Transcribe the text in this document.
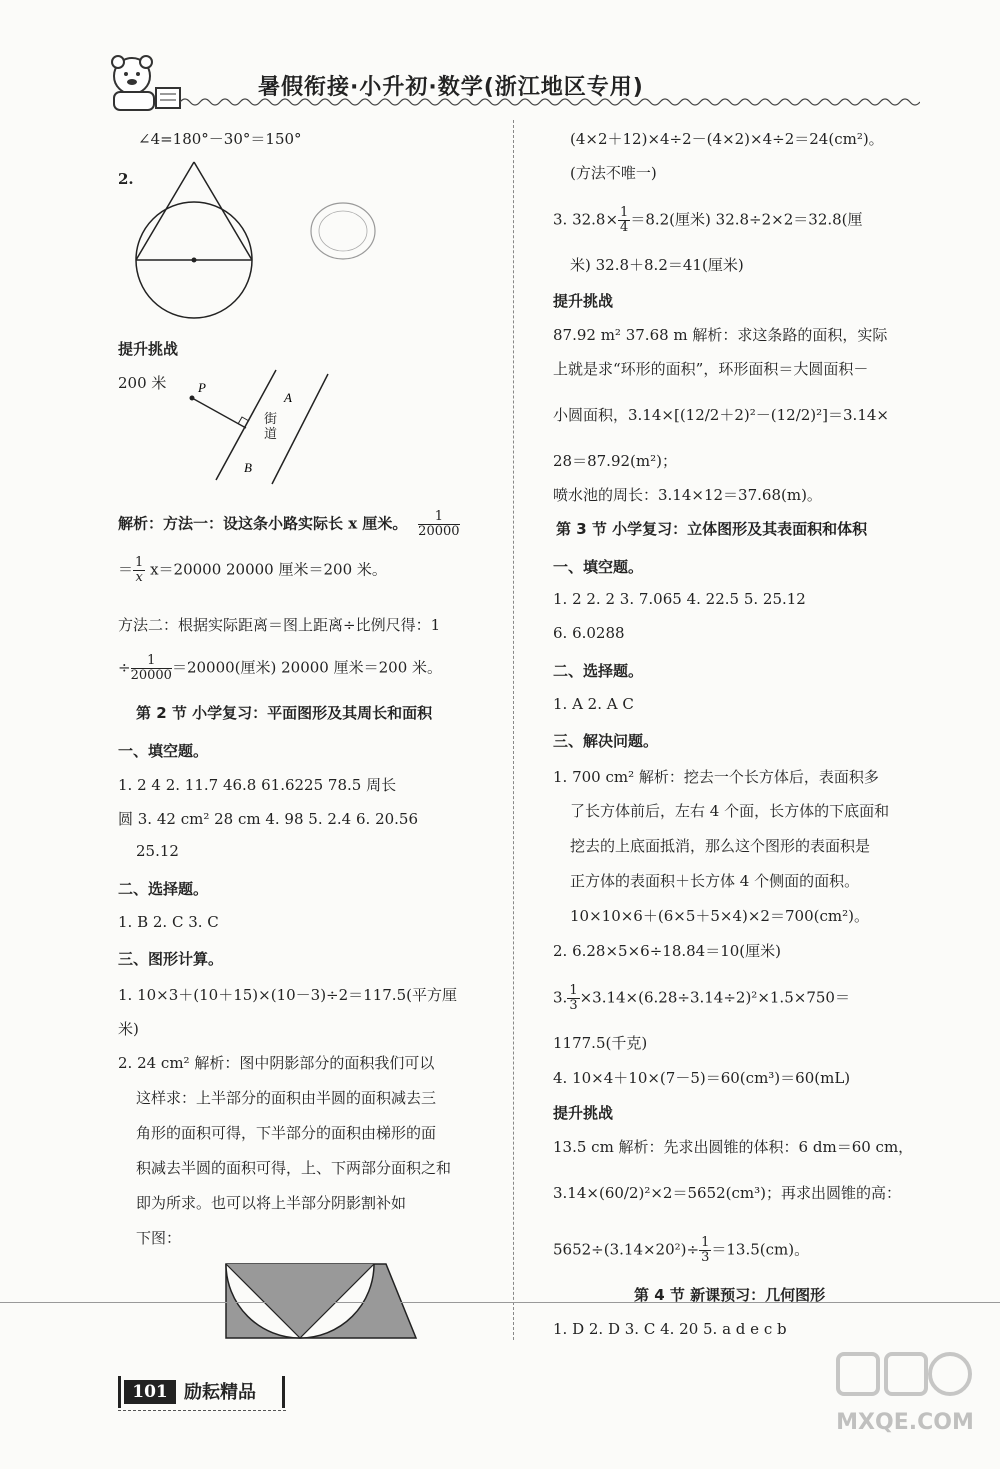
暑假衔接·小升初·数学(浙江地区专用)
∠4=180°－30°＝150°
2.
提升挑战
200 米 P
A
B
街道
解析：方法一：设这条小路实际长 x 厘米。 $\frac{1}{20000}$
＝ $\frac{1}{x} x=20000$ 20000 厘米＝200 米。
方法二：根据实际距离＝图上距离÷比例尺得：1
÷ $\frac{1}{20000} =20000$(厘米) 20000 厘米＝200 米。
第 2 节 小学复习：平面图形及其周长和面积
一、填空题。
1. 2 4 2. 11.7 46.8 61.6225 78.5 周长
圆 3. 42 cm² 28 cm 4. 98 5. 2.4 6. 20.56
25.12
二、选择题。
1. B 2. C 3. C
三、图形计算。
1. 10×3＋(10＋15)×(10－3)÷2＝117.5(平方厘
米)
2. 24 cm² 解析：图中阴影部分的面积我们可以
这样求：上半部分的面积由半圆的面积减去三
角形的面积可得，下半部分的面积由梯形的面
积减去半圆的面积可得，上、下两部分面积之和
即为所求。也可以将上半部分阴影割补如
下图：
(4×2＋12)×4÷2－(4×2)×4÷2＝24(cm²)。
(方法不唯一)
3. $32.8\times \frac{1}{4} =8.2$(厘米) 32.8÷2×2＝32.8(厘
米) 32.8＋8.2＝41(厘米)
提升挑战
87.92 m² 37.68 m 解析：求这条路的面积，实际
上就是求“环形的面积”，环形面积＝大圆面积－
小圆面积，3.14×[(12/2＋2)²－(12/2)²]＝3.14×
28＝87.92(m²)；
喷水池的周长：3.14×12＝37.68(m)。
第 3 节 小学复习：立体图形及其表面积和体积
一、填空题。
1. 2 2. 2 3. 7.065 4. 22.5 5. 25.12
6. 6.0288
二、选择题。
1. A 2. A C
三、解决问题。
1. 700 cm² 解析：挖去一个长方体后，表面积多
了长方体前后，左右 4 个面，长方体的下底面和
挖去的上底面抵消，那么这个图形的表面积是
正方体的表面积＋长方体 4 个侧面的面积。
10×10×6＋(6×5＋5×4)×2＝700(cm²)。
2. 6.28×5×6÷18.84＝10(厘米)
3. $\frac{1}{3} \times 3.14\times(6.28\div 3.14\div 2)^2\times 1.5\times 750=$
1177.5(千克)
4. 10×4＋10×(7－5)＝60(cm³)＝60(mL)
提升挑战
13.5 cm 解析：先求出圆锥的体积：6 dm＝60 cm，
3.14×(60/2)²×2＝5652(cm³)；再求出圆锥的高：
$5652\div(3.14\times 20^2)\div \frac{1}{3} =13.5(cm)$。
第 4 节 新课预习：几何图形
1. D 2. D 3. C 4. 20 5. a d e c b
101 励耘精品
MXQE.COM
